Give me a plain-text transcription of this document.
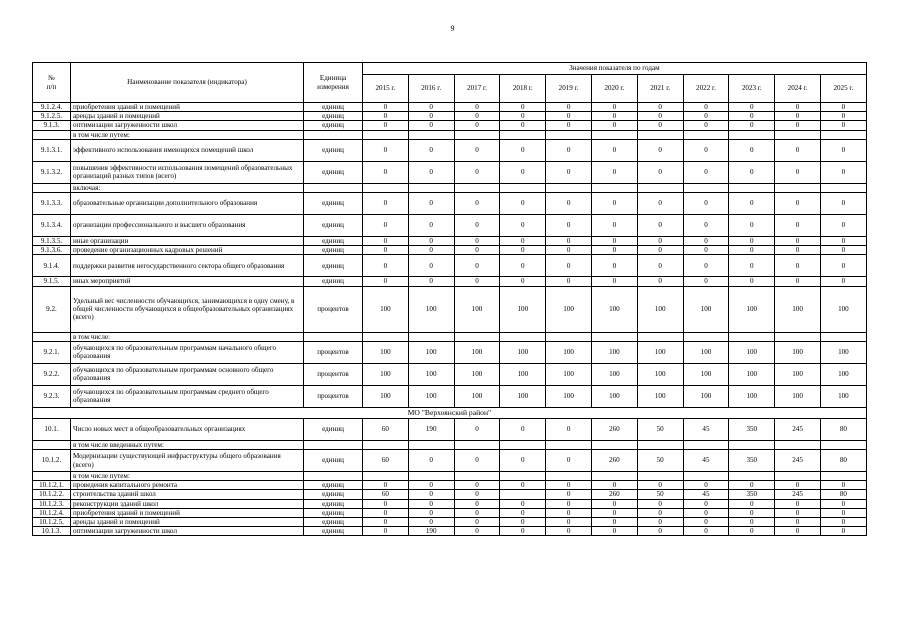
9
№
п/п	Наименование показателя (индикатора)	Единица
измерения	Значения показателя по годам										
			2015 г.	2016 г.	2017 г.	2018 г.	2019 г.	2020 г.	2021 г.	2022 г.	2023 г.	2024 г.	2025 г.
9.1.2.4.	приобретения зданий и помещений	единиц	0	0	0	0	0	0	0	0	0	0	0
9.1.2.5.	аренды зданий и помещений	единиц	0	0	0	0	0	0	0	0	0	0	0
9.1.3.	оптимизации загруженности школ	единиц	0	0	0	0	0	0	0	0	0	0	0
	в том числе путем:												
9.1.3.1.	эффективного использования имеющихся помещений школ	единиц	0	0	0	0	0	0	0	0	0	0	0
9.1.3.2.	повышения эффективности использования помещений образовательных организаций разных типов (всего)	единиц	0	0	0	0	0	0	0	0	0	0	0
	включая:												
9.1.3.3.	образовательные организации дополнительного образования	единиц	0	0	0	0	0	0	0	0	0	0	0
9.1.3.4.	организации профессионального и высшего образования	единиц	0	0	0	0	0	0	0	0	0	0	0
9.1.3.5.	иные организации	единиц	0	0	0	0	0	0	0	0	0	0	0
9.1.3.6.	проведение организационных кадровых решений	единиц	0	0	0	0	0	0	0	0	0	0	0
9.1.4.	поддержки развития негосударственного сектора общего образования	единиц	0	0	0	0	0	0	0	0	0	0	0
9.1.5.	иных мероприятий	единиц	0	0	0	0	0	0	0	0	0	0	0
9.2.	Удельный вес численности обучающихся, занимающихся в одну смену, в общей численности обучающихся в общеобразовательных организациях (всего)	процентов	100	100	100	100	100	100	100	100	100	100	100
	в том числе:												
9.2.1.	обучающихся по образовательным программам начального общего образования	процентов	100	100	100	100	100	100	100	100	100	100	100
9.2.2.	обучающихся по образовательным программам основного общего образования	процентов	100	100	100	100	100	100	100	100	100	100	100
9.2.3.	обучающихся по образовательным программам среднего общего образования	процентов	100	100	100	100	100	100	100	100	100	100	100
МО "Верхоянский район"													
10.1.	Число новых мест в общеобразовательных организациях	единиц	60	190	0	0	0	260	50	45	350	245	80
	в том числе введенных путем:												
10.1.2.	Модернизации существующей инфраструктуры общего образования (всего)	единиц	60	0	0	0	0	260	50	45	350	245	80
	в том числе путем:												
10.1.2.1.	проведения капитального ремонта	единиц	0	0	0	0	0	0	0	0	0	0	0
10.1.2.2.	строительства зданий школ	единиц	60	0	0		0	260	50	45	350	245	80
10.1.2.3.	реконструкции зданий школ	единиц	0	0	0	0	0	0	0	0	0	0	0
10.1.2.4.	приобретения зданий и помещений	единиц	0	0	0	0	0	0	0	0	0	0	0
10.1.2.5.	аренды зданий и помещений	единиц	0	0	0	0	0	0	0	0	0	0	0
10.1.3.	оптимизации загруженности школ	единиц	0	190	0	0	0	0	0	0	0	0	0
